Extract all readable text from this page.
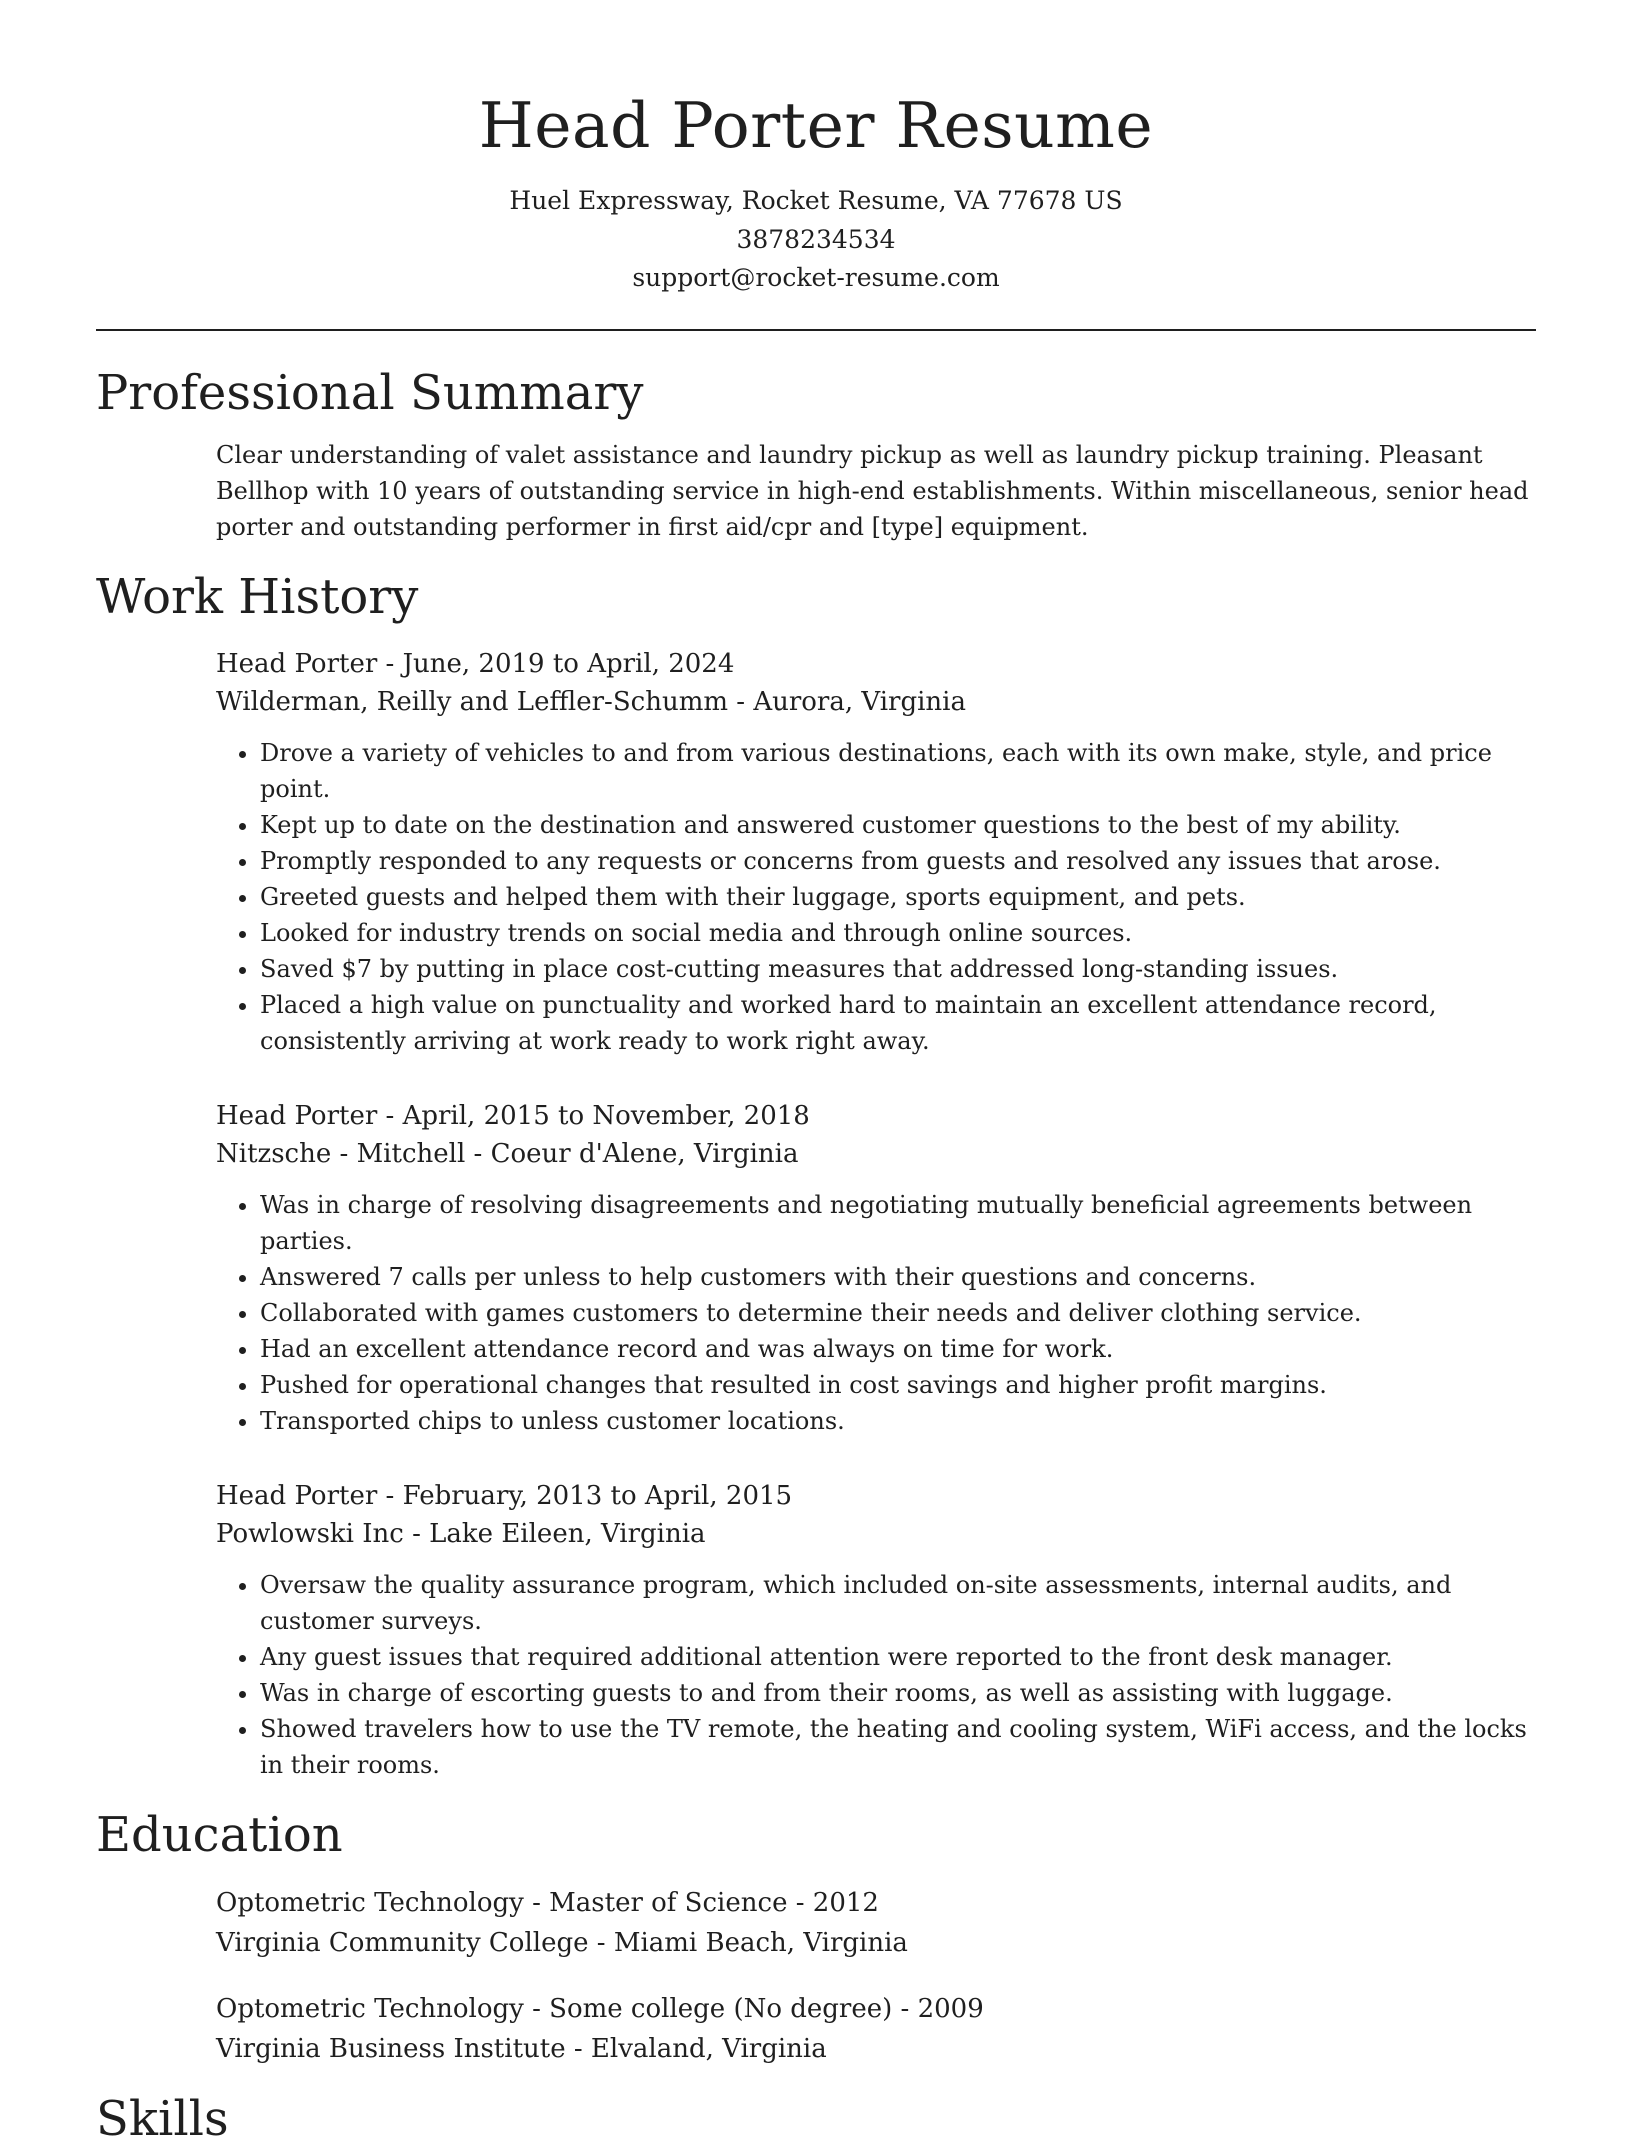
Head Porter Resume
Huel Expressway, Rocket Resume, VA 77678 US
3878234534
support@rocket-resume.com
Professional Summary
Clear understanding of valet assistance and laundry pickup as well as laundry pickup training. Pleasant Bellhop with 10 years of outstanding service in high-end establishments. Within miscellaneous, senior head porter and outstanding performer in first aid/cpr and [type] equipment.
Work History
Head Porter - June, 2019 to April, 2024
Wilderman, Reilly and Leffler-Schumm - Aurora, Virginia
• Drove a variety of vehicles to and from various destinations, each with its own make, style, and price point.
• Kept up to date on the destination and answered customer questions to the best of my ability.
• Promptly responded to any requests or concerns from guests and resolved any issues that arose.
• Greeted guests and helped them with their luggage, sports equipment, and pets.
• Looked for industry trends on social media and through online sources.
• Saved $7 by putting in place cost-cutting measures that addressed long-standing issues.
• Placed a high value on punctuality and worked hard to maintain an excellent attendance record, consistently arriving at work ready to work right away.
Head Porter - April, 2015 to November, 2018
Nitzsche - Mitchell - Coeur d'Alene, Virginia
• Was in charge of resolving disagreements and negotiating mutually beneficial agreements between parties.
• Answered 7 calls per unless to help customers with their questions and concerns.
• Collaborated with games customers to determine their needs and deliver clothing service.
• Had an excellent attendance record and was always on time for work.
• Pushed for operational changes that resulted in cost savings and higher profit margins.
• Transported chips to unless customer locations.
Head Porter - February, 2013 to April, 2015
Powlowski Inc - Lake Eileen, Virginia
• Oversaw the quality assurance program, which included on-site assessments, internal audits, and customer surveys.
• Any guest issues that required additional attention were reported to the front desk manager.
• Was in charge of escorting guests to and from their rooms, as well as assisting with luggage.
• Showed travelers how to use the TV remote, the heating and cooling system, WiFi access, and the locks in their rooms.
Education
Optometric Technology - Master of Science - 2012
Virginia Community College - Miami Beach, Virginia
Optometric Technology - Some college (No degree) - 2009
Virginia Business Institute - Elvaland, Virginia
Skills
